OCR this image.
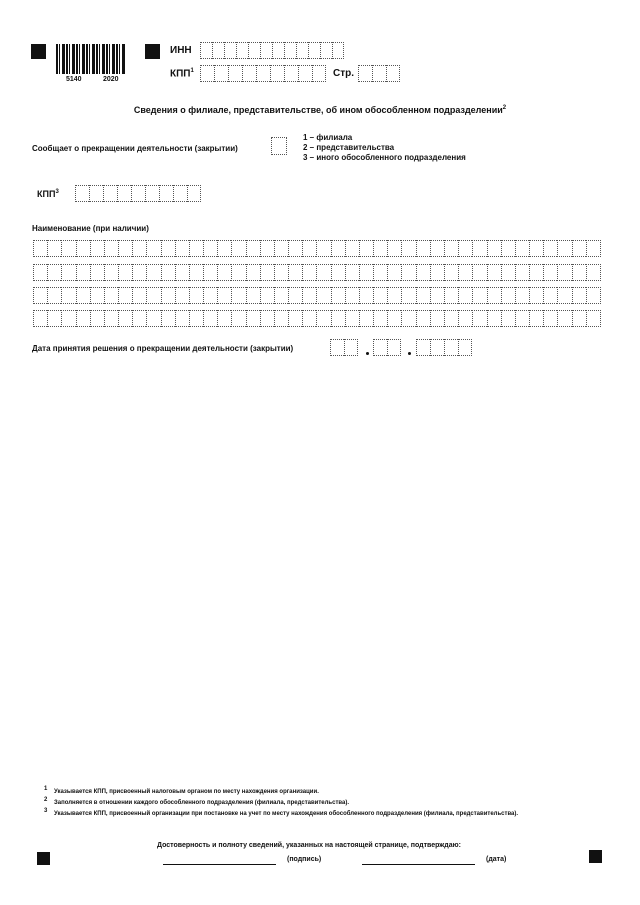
5140	2020
ИНН
КПП$^1$	Стр.
Сведения о филиале, представительстве, об ином обособленном подразделении$^2$
Сообщает о прекращении деятельности (закрытии)
1 – филиала
2 – представительства
3 – иного обособленного подразделения
КПП$^3$
Наименование (при наличии)
Дата принятия решения о прекращении деятельности (закрытии)
1 Указывается КПП, присвоенный налоговым органом по месту нахождения организации.
2 Заполняется в отношении каждого обособленного подразделения (филиала, представительства).
3 Указывается КПП, присвоенный организации при постановке на учет по месту нахождения обособленного подразделения (филиала, представительства).
Достоверность и полноту сведений, указанных на настоящей странице, подтверждаю:
(подпись)	(дата)
